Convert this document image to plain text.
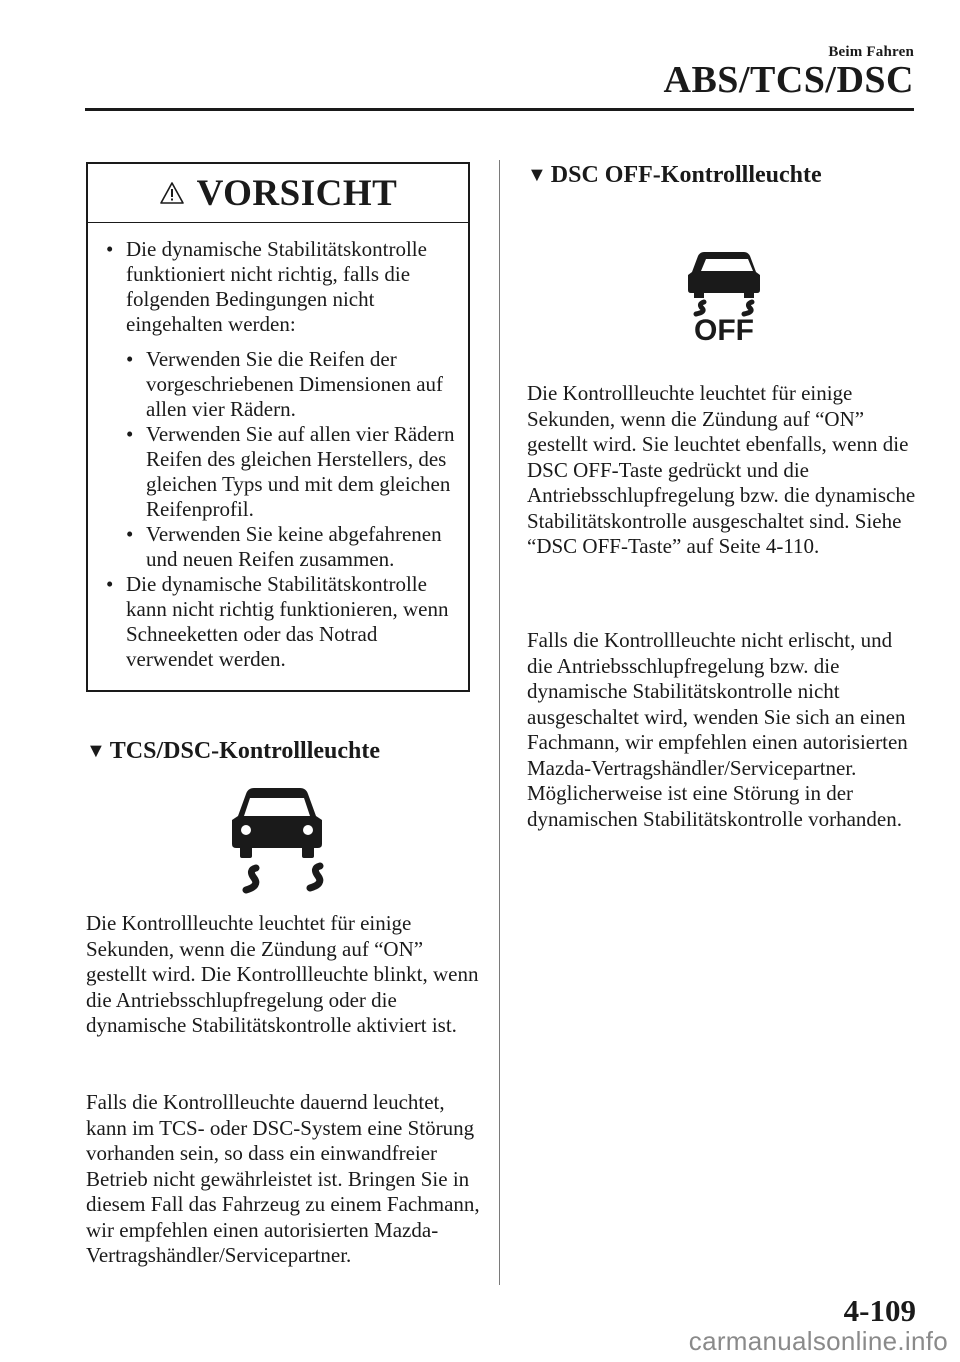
Beim Fahren
ABS/TCS/DSC
VORSICHT
• Die dynamische Stabilitätskontrolle funktioniert nicht richtig, falls die folgenden Bedingungen nicht eingehalten werden:
• Verwenden Sie die Reifen der vorgeschriebenen Dimensionen auf allen vier Rädern.
• Verwenden Sie auf allen vier Rädern Reifen des gleichen Herstellers, des gleichen Typs und mit dem gleichen Reifenprofil.
• Verwenden Sie keine abgefahrenen und neuen Reifen zusammen.
• Die dynamische Stabilitätskontrolle kann nicht richtig funktionieren, wenn Schneeketten oder das Notrad verwendet werden.
▼ TCS/DSC-Kontrollleuchte

Die Kontrollleuchte leuchtet für einige Sekunden, wenn die Zündung auf “ON” gestellt wird. Die Kontrollleuchte blinkt, wenn die Antriebsschlupfregelung oder die dynamische Stabilitätskontrolle aktiviert ist.

Falls die Kontrollleuchte dauernd leuchtet, kann im TCS- oder DSC-System eine Störung vorhanden sein, so dass ein einwandfreier Betrieb nicht gewährleistet ist. Bringen Sie in diesem Fall das Fahrzeug zu einem Fachmann, wir empfehlen einen autorisierten Mazda-Vertragshändler/Servicepartner.

▼ DSC OFF-Kontrollleuchte
OFF

Die Kontrollleuchte leuchtet für einige Sekunden, wenn die Zündung auf “ON” gestellt wird. Sie leuchtet ebenfalls, wenn die DSC OFF-Taste gedrückt und die Antriebsschlupfregelung bzw. die dynamische Stabilitätskontrolle ausgeschaltet sind. Siehe “DSC OFF-Taste” auf Seite 4-110.

Falls die Kontrollleuchte nicht erlischt, und die Antriebsschlupfregelung bzw. die dynamische Stabilitätskontrolle nicht ausgeschaltet wird, wenden Sie sich an einen Fachmann, wir empfehlen einen autorisierten Mazda-Vertragshändler/Servicepartner. Möglicherweise ist eine Störung in der dynamischen Stabilitätskontrolle vorhanden.

4-109
carmanualsonline.info
